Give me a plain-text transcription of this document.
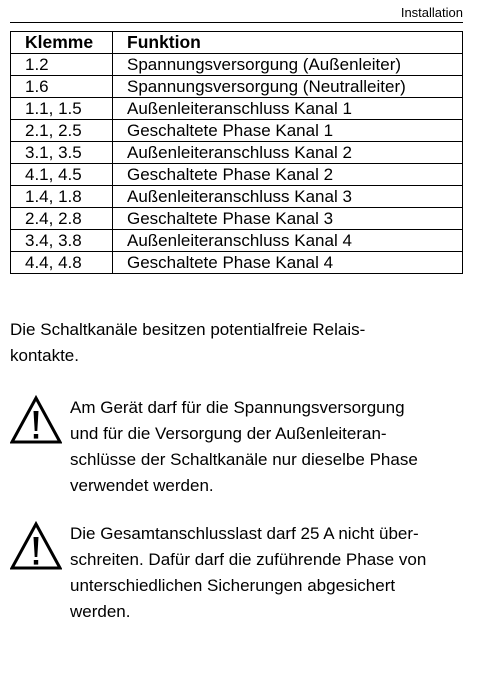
Installation
Klemme	Funktion
1.2	Spannungsversorgung (Außenleiter)
1.6	Spannungsversorgung (Neutralleiter)
1.1, 1.5	Außenleiteranschluss Kanal 1
2.1, 2.5	Geschaltete Phase Kanal 1
3.1, 3.5	Außenleiteranschluss Kanal 2
4.1, 4.5	Geschaltete Phase Kanal 2
1.4, 1.8	Außenleiteranschluss Kanal 3
2.4, 2.8	Geschaltete Phase Kanal 3
3.4, 3.8	Außenleiteranschluss Kanal 4
4.4, 4.8	Geschaltete Phase Kanal 4
Die Schaltkanäle besitzen potentialfreie Relais-
kontakte.
Am Gerät darf für die Spannungsversorgung
und für die Versorgung der Außenleiteran-
schlüsse der Schaltkanäle nur dieselbe Phase
verwendet werden.
Die Gesamtanschlusslast darf 25 A nicht über-
schreiten. Dafür darf die zuführende Phase von
unterschiedlichen Sicherungen abgesichert
werden.
